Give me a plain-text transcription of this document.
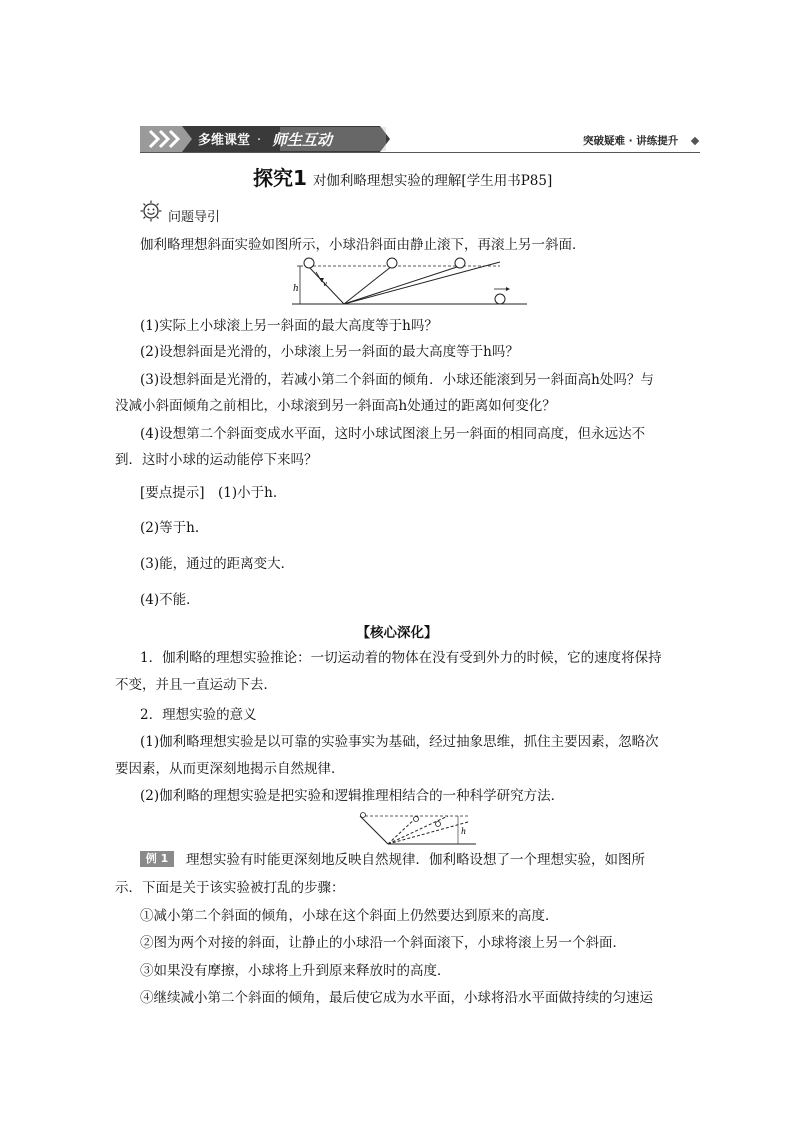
多维课堂 · 师生互动	突破疑难 · 讲练提升
探究1 对伽利略理想实验的理解[学生用书P85]
问题导引
伽利略理想斜面实验如图所示，小球沿斜面由静止滚下，再滚上另一斜面．
h	v
(1)实际上小球滚上另一斜面的最大高度等于h吗？
(2)设想斜面是光滑的，小球滚上另一斜面的最大高度等于h吗？
(3)设想斜面是光滑的，若减小第二个斜面的倾角．小球还能滚到另一斜面高h处吗？与
没减小斜面倾角之前相比，小球滚到另一斜面高h处通过的距离如何变化？
(4)设想第二个斜面变成水平面，这时小球试图滚上另一斜面的相同高度，但永远达不
到．这时小球的运动能停下来吗？
[要点提示]　(1)小于h.
(2)等于h.
(3)能，通过的距离变大．
(4)不能．
【核心深化】
1．伽利略的理想实验推论：一切运动着的物体在没有受到外力的时候，它的速度将保持
不变，并且一直运动下去．
2．理想实验的意义
(1)伽利略理想实验是以可靠的实验事实为基础，经过抽象思维，抓住主要因素，忽略次
要因素，从而更深刻地揭示自然规律．
(2)伽利略的理想实验是把实验和逻辑推理相结合的一种科学研究方法．
h
例 1	理想实验有时能更深刻地反映自然规律．伽利略设想了一个理想实验，如图所
示．下面是关于该实验被打乱的步骤：
①减小第二个斜面的倾角，小球在这个斜面上仍然要达到原来的高度．
②图为两个对接的斜面，让静止的小球沿一个斜面滚下，小球将滚上另一个斜面．
③如果没有摩擦，小球将上升到原来释放时的高度．
④继续减小第二个斜面的倾角，最后使它成为水平面，小球将沿水平面做持续的匀速运
